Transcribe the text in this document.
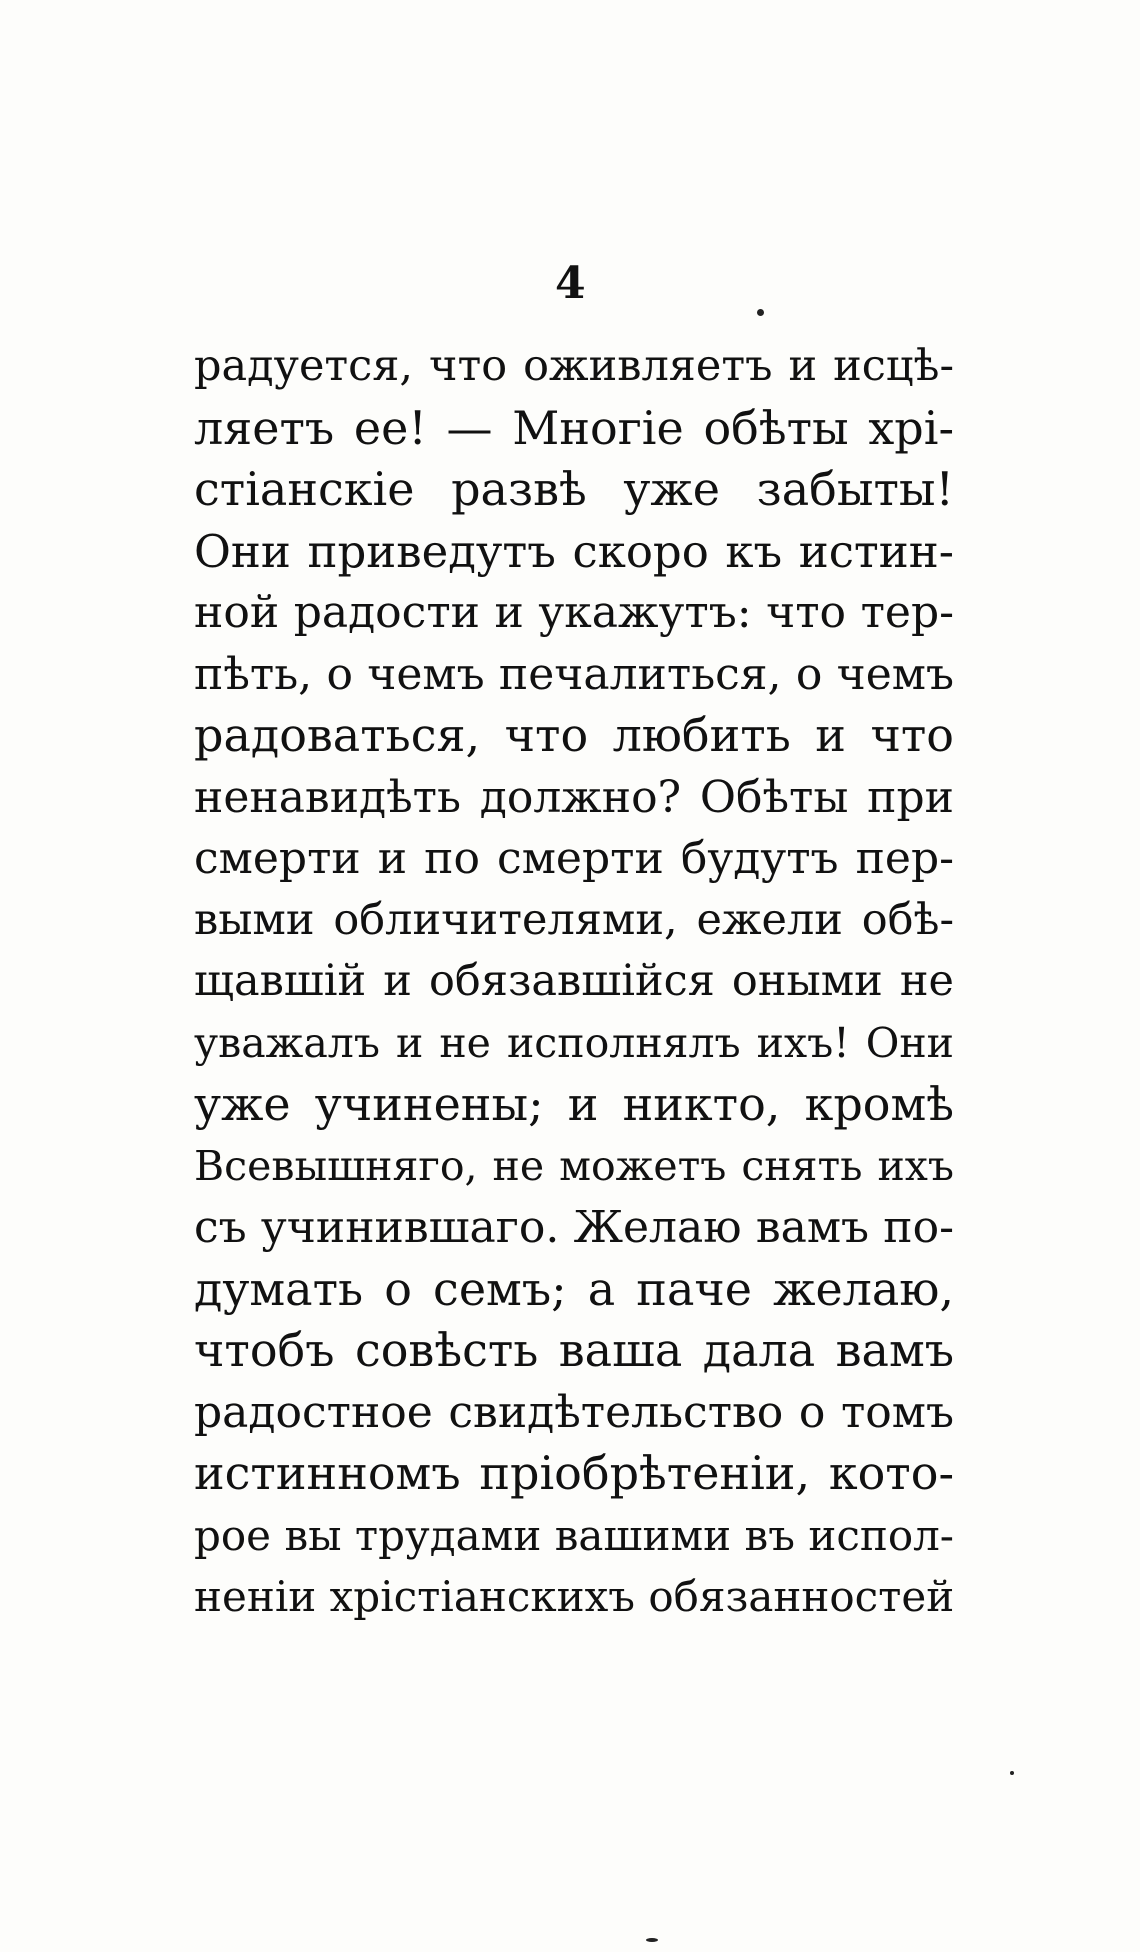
4
радуется, что оживляетъ и исцѣ-
ляетъ ее! — Многіе обѣты хрі-
стіанскіе развѣ уже забыты!
Они приведутъ скоро къ истин-
ной радости и укажутъ: что тер-
пѣть, о чемъ печалиться, о чемъ
радоваться, что любить и что
ненавидѣть должно? Обѣты при
смерти и по смерти будутъ пер-
выми обличителями, ежели обѣ-
щавшій и обязавшійся оными не
уважалъ и не исполнялъ ихъ! Они
уже учинены; и никто, кромѣ
Всевышняго, не можетъ снять ихъ
съ учинившаго. Желаю вамъ по-
думать о семъ; а паче желаю,
чтобъ совѣсть ваша дала вамъ
радостное свидѣтельство о томъ
истинномъ пріобрѣтеніи, кото-
рое вы трудами вашими въ испол-
неніи хрістіанскихъ обязанностей
